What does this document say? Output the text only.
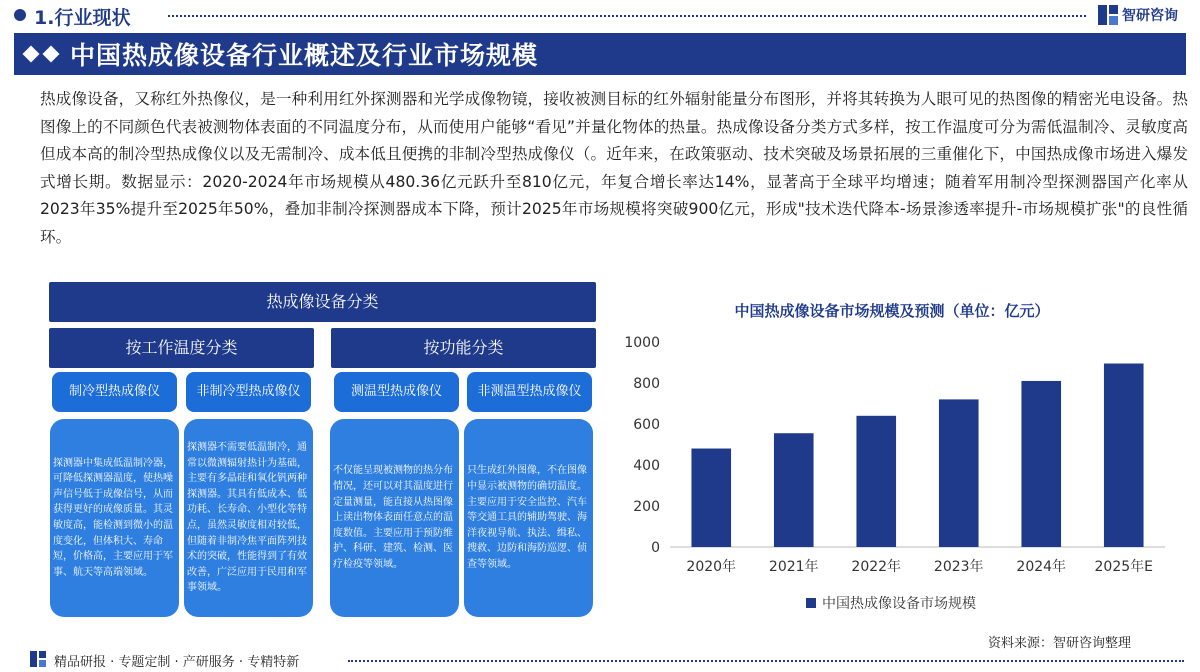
1.行业现状	智研咨询
中国热成像设备行业概述及行业市场规模

热成像设备，又称红外热像仪，是一种利用红外探测器和光学成像物镜，接收被测目标的红外辐射能量分布图形，并将其转换为人眼可见的热图像的精密光电设备。热图像上的不同颜色代表被测物体表面的不同温度分布，从而使用户能够“看见”并量化物体的热量。热成像设备分类方式多样，按工作温度可分为需低温制冷、灵敏度高但成本高的制冷型热成像仪以及无需制冷、成本低且便携的非制冷型热成像仪（。近年来，在政策驱动、技术突破及场景拓展的三重催化下，中国热成像市场进入爆发式增长期。数据显示：2020-2024年市场规模从480.36亿元跃升至810亿元，年复合增长率达14%，显著高于全球平均增速；随着军用制冷型探测器国产化率从2023年35%提升至2025年50%，叠加非制冷探测器成本下降，预计2025年市场规模将突破900亿元，形成"技术迭代降本-场景渗透率提升-市场规模扩张"的良性循环。

热成像设备分类
按工作温度分类	按功能分类
制冷型热成像仪	非制冷型热成像仪	测温型热成像仪	非测温型热成像仪
探测器中集成低温制冷器，可降低探测器温度，使热噪声信号低于成像信号，从而获得更好的成像质量。其灵敏度高，能检测到微小的温度变化，但体积大、寿命短，价格高，主要应用于军事、航天等高端领域。
探测器不需要低温制冷，通常以微测辐射热计为基础，主要有多晶硅和氧化钒两种探测器。其具有低成本、低功耗、长寿命、小型化等特点，虽然灵敏度相对较低，但随着非制冷焦平面阵列技术的突破，性能得到了有效改善，广泛应用于民用和军事领域。
不仅能呈现被测物的热分布情况，还可以对其温度进行定量测量，能直接从热图像上读出物体表面任意点的温度数值。主要应用于预防维护、科研、建筑、检测、医疗检疫等领域。
只生成红外图像，不在图像中显示被测物的确切温度。主要应用于安全监控、汽车等交通工具的辅助驾驶、海洋夜视导航、执法、缉私、搜救、边防和海防巡逻、侦查等领域。
中国热成像设备市场规模及预测（单位：亿元）
0
200
400
600
800
1000
2020年 2021年 2022年 2023年 2024年 2025年E
中国热成像设备市场规模
资料来源：智研咨询整理
精品研报 · 专题定制 · 产研服务 · 专精特新
